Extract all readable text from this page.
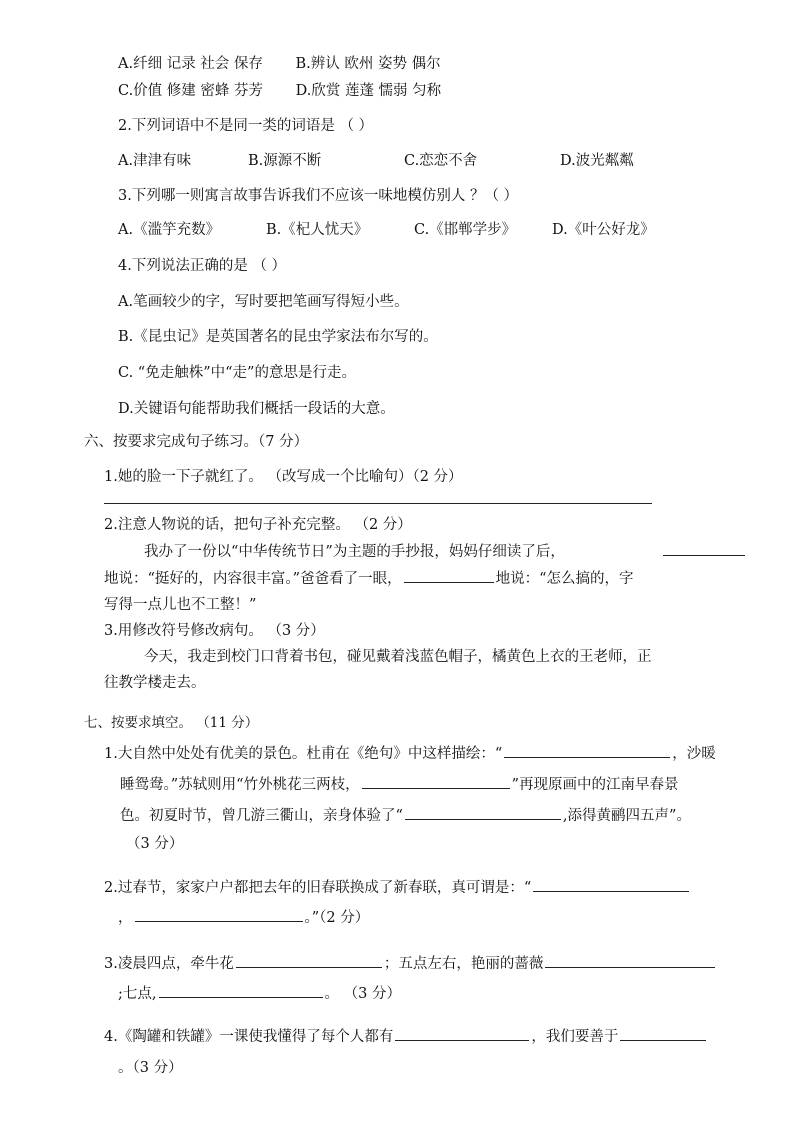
A.纤细 记录 社会 保存 B.辨认 欧州 姿势 偶尔
C.价值 修建 密蜂 芬芳 D.欣赏 莲蓬 懦弱 匀称
2.下列词语中不是同一类的词语是 （ ）
A.津津有味	B.源源不断	C.恋恋不舍	D.波光粼粼
3.下列哪一则寓言故事告诉我们不应该一味地模仿别人 ？（ ）
A.《滥竽充数》	B.《杞人忧天》	C.《邯郸学步》 D.《叶公好龙》
4.下列说法正确的是 （ ）
A.笔画较少的字，写时要把笔画写得短小些。
B.《昆虫记》是英国著名的昆虫学家法布尔写的。
C. “免走触株”中“走”的意思是行走。
D.关键语句能帮助我们概括一段话的大意。
六、按要求完成句子练习。（7 分）
1.她的脸一下子就红了。 （改写成一个比喻句）（2 分）
2.注意人物说的话，把句子补充完整。 （2 分）
我办了一份以“中华传统节日”为主题的手抄报，妈妈仔细读了后，
地说：“挺好的，内容很丰富。”爸爸看了一眼，	地说：“怎么搞的，字
写得一点儿也不工整！”
3.用修改符号修改病句。 （3 分）
今天，我走到校门口背着书包，碰见戴着浅蓝色帽子，橘黄色上衣的王老师，正
往教学楼走去。
七、按要求填空。 （11 分）
1.大自然中处处有优美的景色。杜甫在《绝句》中这样描绘：“	，沙暖
睡鸳鸯。”苏轼则用“竹外桃花三两枝，	”再现原画中的江南早春景
色。初夏时节，曾几游三衢山，亲身体验了“	,添得黄鹂四五声”。
（3 分）
2.过春节，家家户户都把去年的旧春联换成了新春联，真可谓是：“
，	。”（2 分）
3.凌晨四点，牵牛花	；五点左右，艳丽的蔷薇
;七点,	。 （3 分）
4.《陶罐和铁罐》一课使我懂得了每个人都有	，我们要善于
。（3 分）
